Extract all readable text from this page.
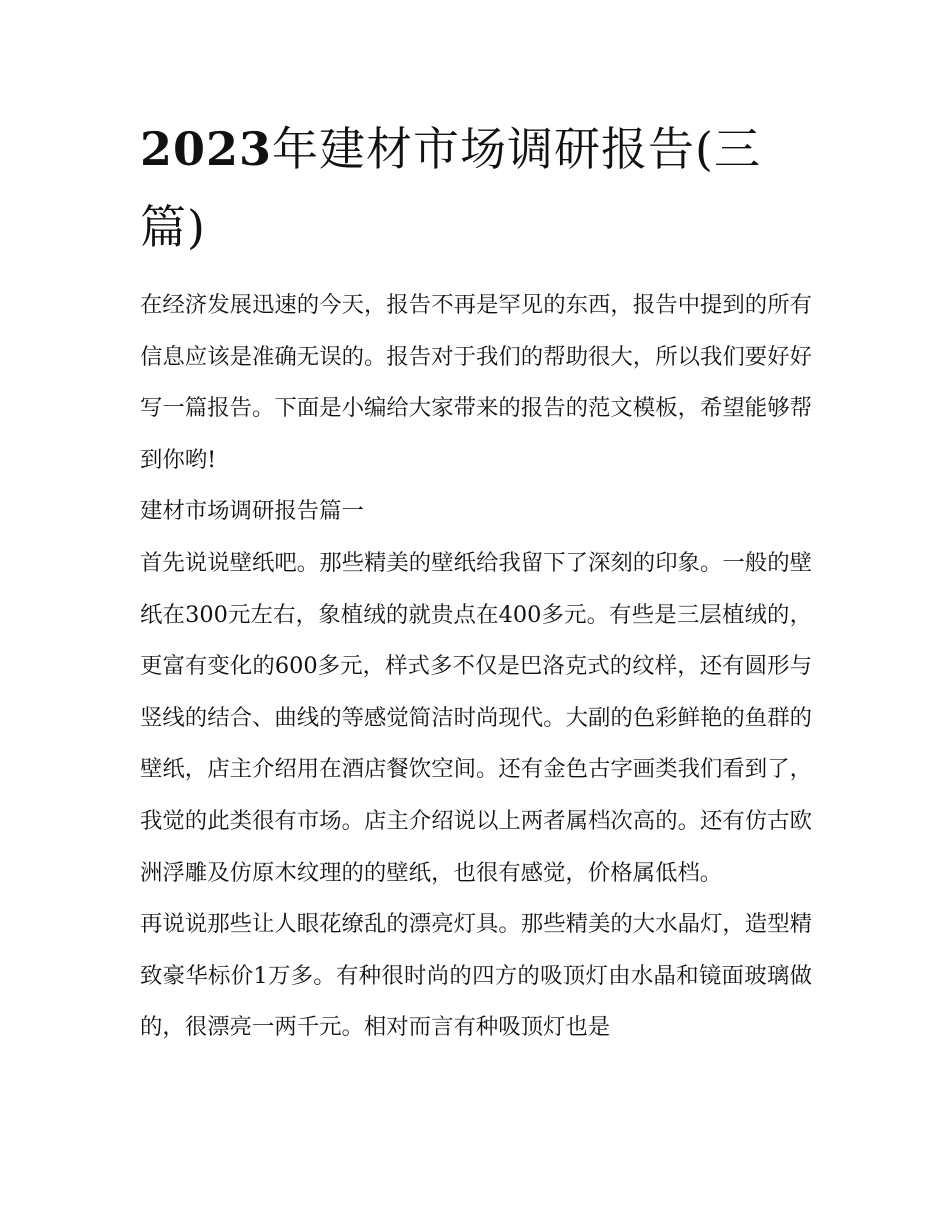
2023年建材市场调研报告(三篇)

在经济发展迅速的今天，报告不再是罕见的东西，报告中提到的所有信息应该是准确无误的。报告对于我们的帮助很大，所以我们要好好写一篇报告。下面是小编给大家带来的报告的范文模板，希望能够帮到你哟!

建材市场调研报告篇一

首先说说壁纸吧。那些精美的壁纸给我留下了深刻的印象。一般的壁纸在300元左右，象植绒的就贵点在400多元。有些是三层植绒的，更富有变化的600多元，样式多不仅是巴洛克式的纹样，还有圆形与竖线的结合、曲线的等感觉简洁时尚现代。大副的色彩鲜艳的鱼群的壁纸，店主介绍用在酒店餐饮空间。还有金色古字画类我们看到了，我觉的此类很有市场。店主介绍说以上两者属档次高的。还有仿古欧洲浮雕及仿原木纹理的的壁纸，也很有感觉，价格属低档。

再说说那些让人眼花缭乱的漂亮灯具。那些精美的大水晶灯，造型精致豪华标价1万多。有种很时尚的四方的吸顶灯由水晶和镜面玻璃做的，很漂亮一两千元。相对而言有种吸顶灯也是
